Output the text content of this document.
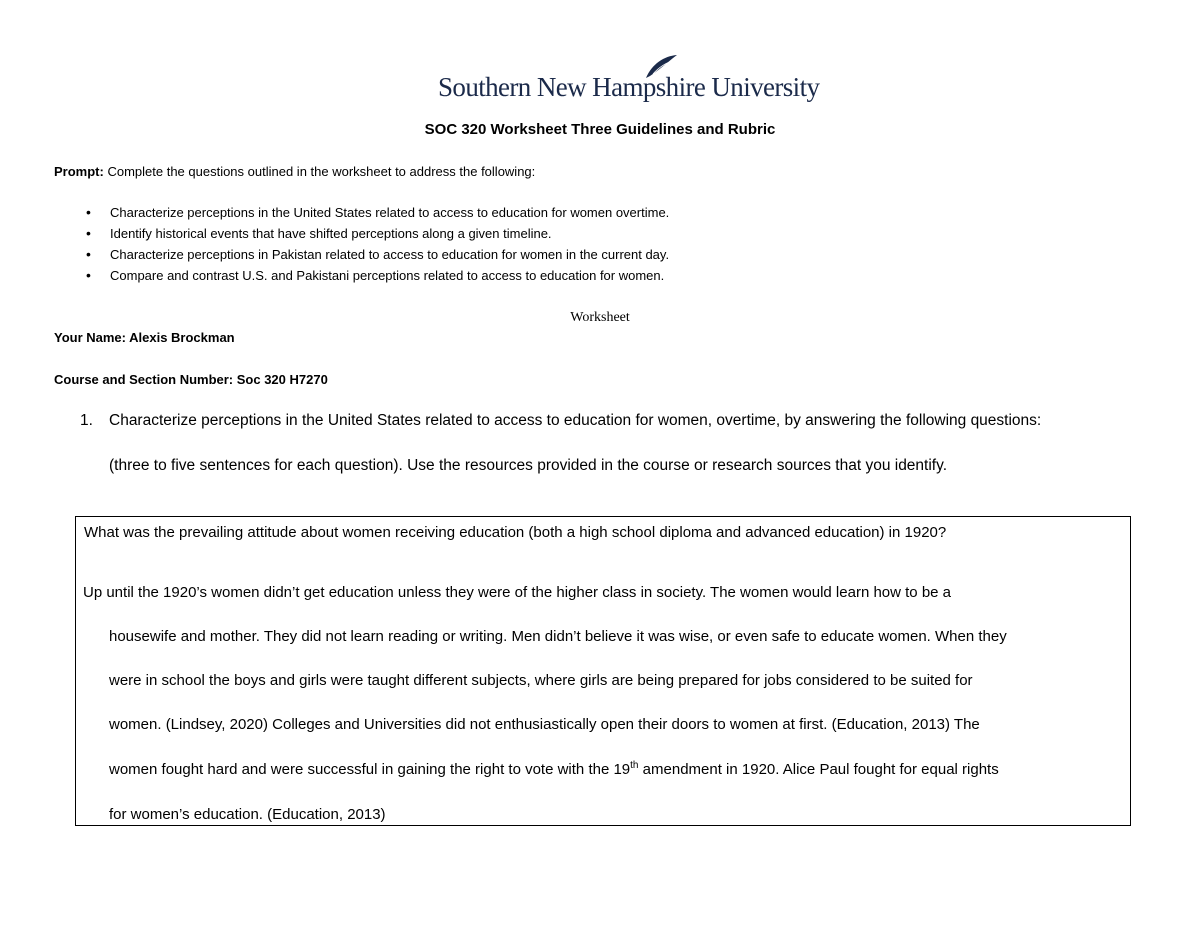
Southern New Hampshire University
SOC 320 Worksheet Three Guidelines and Rubric
Prompt: Complete the questions outlined in the worksheet to address the following:
• Characterize perceptions in the United States related to access to education for women overtime.
• Identify historical events that have shifted perceptions along a given timeline.
• Characterize perceptions in Pakistan related to access to education for women in the current day.
• Compare and contrast U.S. and Pakistani perceptions related to access to education for women.
Worksheet
Your Name: Alexis Brockman
Course and Section Number: Soc 320 H7270
1. Characterize perceptions in the United States related to access to education for women, overtime, by answering the following questions:
(three to five sentences for each question). Use the resources provided in the course or research sources that you identify.
What was the prevailing attitude about women receiving education (both a high school diploma and advanced education) in 1920?
Up until the 1920’s women didn’t get education unless they were of the higher class in society. The women would learn how to be a
housewife and mother. They did not learn reading or writing. Men didn’t believe it was wise, or even safe to educate women. When they
were in school the boys and girls were taught different subjects, where girls are being prepared for jobs considered to be suited for
women. (Lindsey, 2020) Colleges and Universities did not enthusiastically open their doors to women at first. (Education, 2013) The
women fought hard and were successful in gaining the right to vote with the 19th amendment in 1920. Alice Paul fought for equal rights
for women’s education. (Education, 2013)
